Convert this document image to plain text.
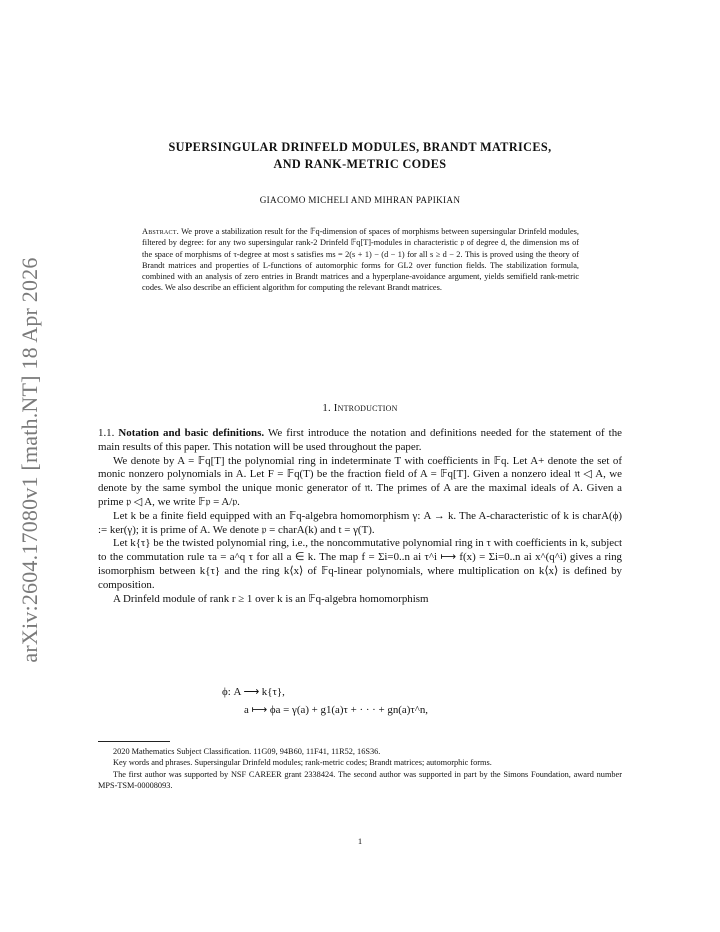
arXiv:2604.17080v1 [math.NT] 18 Apr 2026
SUPERSINGULAR DRINFELD MODULES, BRANDT MATRICES,
AND RANK-METRIC CODES
GIACOMO MICHELI AND MIHRAN PAPIKIAN
Abstract. We prove a stabilization result for the 𝔽q-dimension of spaces of morphisms between supersingular Drinfeld modules, filtered by degree: for any two supersingular rank-2 Drinfeld 𝔽q[T]-modules in characteristic 𝔭 of degree d, the dimension ms of the space of morphisms of τ-degree at most s satisfies ms = 2(s + 1) − (d − 1) for all s ≥ d − 2. This is proved using the theory of Brandt matrices and properties of L-functions of automorphic forms for GL2 over function fields. The stabilization formula, combined with an analysis of zero entries in Brandt matrices and a hyperplane-avoidance argument, yields semifield rank-metric codes. We also describe an efficient algorithm for computing the relevant Brandt matrices.
1. Introduction

1.1. Notation and basic definitions. We first introduce the notation and definitions needed for the statement of the main results of this paper. This notation will be used throughout the paper.

We denote by A = 𝔽q[T] the polynomial ring in indeterminate T with coefficients in 𝔽q. Let A+ denote the set of monic nonzero polynomials in A. Let F = 𝔽q(T) be the fraction field of A = 𝔽q[T]. Given a nonzero ideal 𝔫 ◁ A, we denote by the same symbol the unique monic generator of 𝔫. The primes of A are the maximal ideals of A. Given a prime 𝔭 ◁ A, we write 𝔽𝔭 = A/𝔭.

Let k be a finite field equipped with an 𝔽q-algebra homomorphism γ: A → k. The A-characteristic of k is charA(ϕ) := ker(γ); it is prime of A. We denote 𝔭 = charA(k) and t = γ(T).

Let k{τ} be the twisted polynomial ring, i.e., the noncommutative polynomial ring in τ with coefficients in k, subject to the commutation rule τa = a^q τ for all a ∈ k. The map f = Σi=0..n ai τ^i ⟼ f(x) = Σi=0..n ai x^(q^i) gives a ring isomorphism between k{τ} and the ring k⟨x⟩ of 𝔽q-linear polynomials, where multiplication on k⟨x⟩ is defined by composition.

A Drinfeld module of rank r ≥ 1 over k is an 𝔽q-algebra homomorphism

ϕ: A ⟶ k{τ},
a ⟼ ϕa = γ(a) + g1(a)τ + · · · + gn(a)τ^n,

2020 Mathematics Subject Classification. 11G09, 94B60, 11F41, 11R52, 16S36.

Key words and phrases. Supersingular Drinfeld modules; rank-metric codes; Brandt matrices; automorphic forms.

The first author was supported by NSF CAREER grant 2338424. The second author was supported in part by the Simons Foundation, award number MPS-TSM-00008093.

1
